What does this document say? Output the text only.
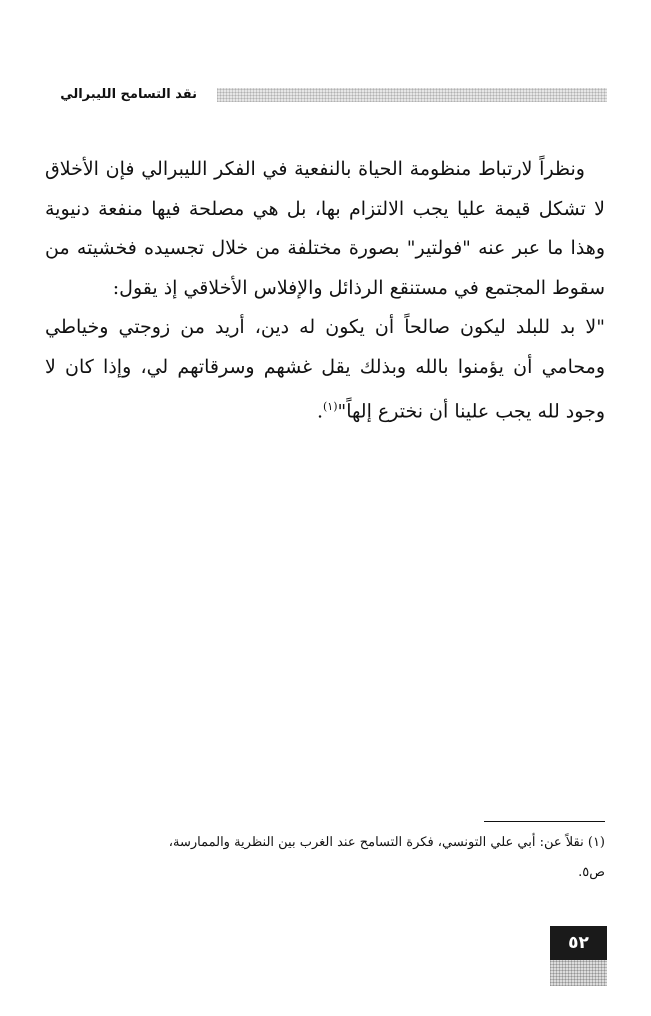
نقد التسامح الليبرالي

ونظراً لارتباط منظومة الحياة بالنفعية في الفكر الليبرالي فإن الأخلاق لا تشكل قيمة عليا يجب الالتزام بها، بل هي مصلحة فيها منفعة دنيوية وهذا ما عبر عنه "فولتير" بصورة مختلفة من خلال تجسيده فخشيته من سقوط المجتمع في مستنقع الرذائل والإفلاس الأخلاقي إذ يقول:

"لا بد للبلد ليكون صالحاً أن يكون له دين، أريد من زوجتي وخياطي ومحامي أن يؤمنوا بالله وبذلك يقل غشهم وسرقاتهم لي، وإذا كان لا وجود لله يجب علينا أن نخترع إلهاً"$^{(١)}$.

(١) نقلاً عن: أبي علي التونسي، فكرة التسامح عند الغرب بين النظرية والممارسة،

ص٥.

٥٢
